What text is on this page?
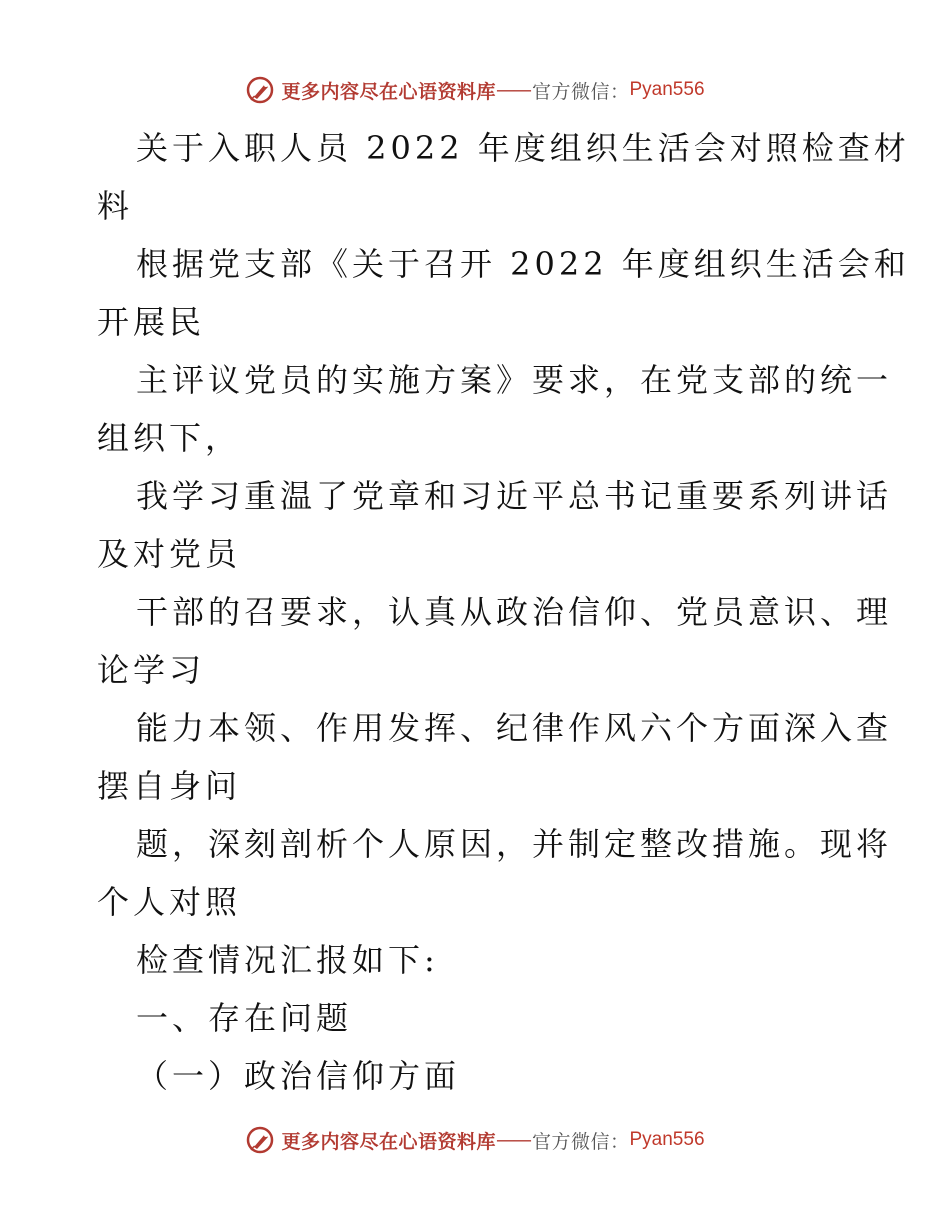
更多内容尽在心语资料库 —— 官方微信： Pyan556
关于入职人员 2022 年度组织生活会对照检查材
料
根据党支部《关于召开 2022 年度组织生活会和
开展民
主评议党员的实施方案》要求，在党支部的统一
组织下，
我学习重温了党章和习近平总书记重要系列讲话
及对党员
干部的召要求，认真从政治信仰、党员意识、理
论学习
能力本领、作用发挥、纪律作风六个方面深入查
摆自身问
题，深刻剖析个人原因，并制定整改措施。现将
个人对照
检查情况汇报如下:
一、存在问题
（一）政治信仰方面
更多内容尽在心语资料库 —— 官方微信： Pyan556
